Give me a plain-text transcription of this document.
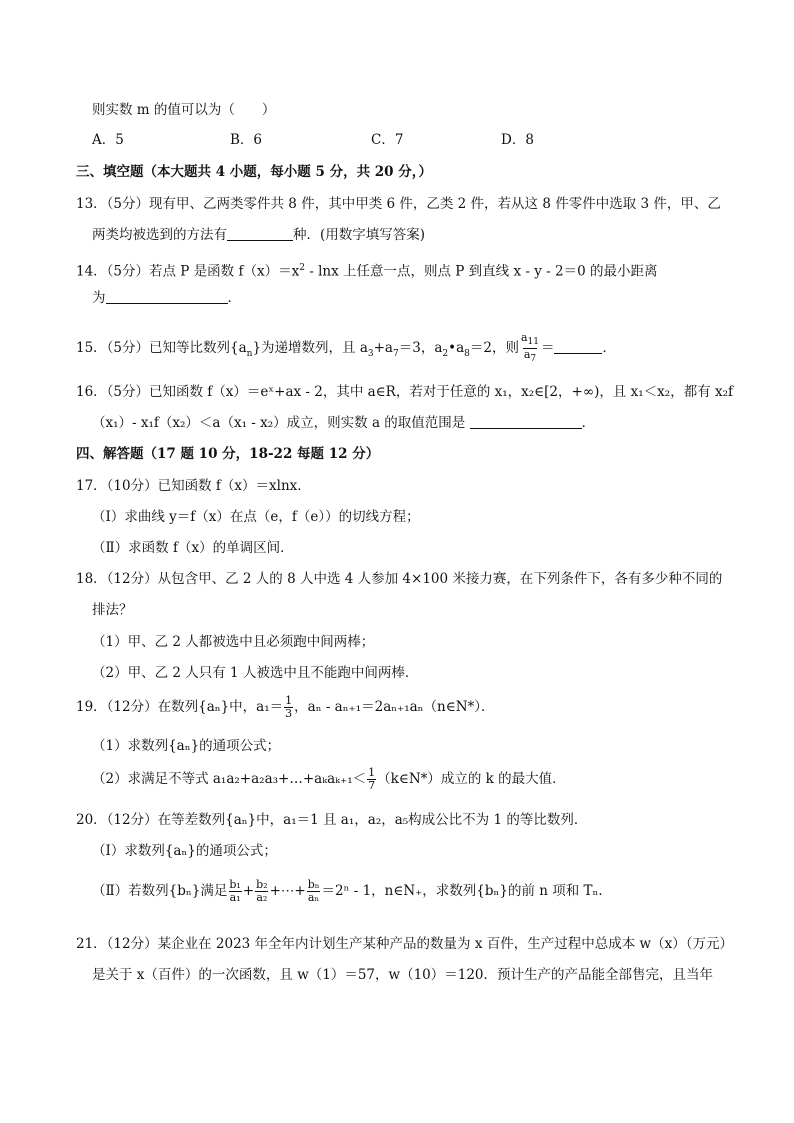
则实数 m 的值可以为（　　）
A．5	B．6	C．7	D．8
三、填空题（本大题共 4 小题，每小题 5 分，共 20 分，）
13．（5分）现有甲、乙两类零件共 8 件，其中甲类 6 件，乙类 2 件，若从这 8 件零件中选取 3 件，甲、乙
两类均被选到的方法有	种．(用数字填写答案)
14．（5分）若点 P 是函数 $f(x)=x^2 - \ln x$ 上任意一点，则点 P 到直线 x - y - 2＝0 的最小距离
为	．
15．（5分）已知等比数列$\{a_n\}$为递增数列，且 $a_3+a_7=3$，$a_2•a_8=2$，则 $\frac{a_{11}}{a_7}$ ＝	．
16．（5分）已知函数 f（x）＝eˣ+ax - 2，其中 a∈R，若对于任意的 x₁，x₂∈[2，+∞)，且 x₁＜x₂，都有 x₂f
（x₁）- x₁f（x₂）＜a（x₁ - x₂）成立，则实数 a 的取值范围是	．
四、解答题（17 题 10 分，18-22 每题 12 分）
17．（10分）已知函数 f（x）＝xlnx．
（Ⅰ）求曲线 y＝f（x）在点（e，f（e））的切线方程；
（Ⅱ）求函数 f（x）的单调区间．
18．（12分）从包含甲、乙 2 人的 8 人中选 4 人参加 4×100 米接力赛，在下列条件下，各有多少种不同的
排法？
（1）甲、乙 2 人都被选中且必须跑中间两棒；
（2）甲、乙 2 人只有 1 人被选中且不能跑中间两棒．
19．（12分）在数列{aₙ}中，$a_1= \frac{1}{3}$ ，aₙ - aₙ₊₁＝2aₙ₊₁aₙ（n∈N*）．
（1）求数列{aₙ}的通项公式；
（2）求满足不等式 a₁a₂+a₂a₃+…+aₖaₖ₊₁＜ $\frac{1}{7}$ （k∈N*）成立的 k 的最大值．
20．（12分）在等差数列{aₙ}中，a₁＝1 且 a₁，a₂，a₅构成公比不为 1 的等比数列．
（Ⅰ）求数列{aₙ}的通项公式；
（Ⅱ）若数列{bₙ}满足 $\frac{\text{b₁}}{\text{a₁}} + \frac{\text{b₂}}{\text{a₂}}$ +⋯+ $\frac{\text{bₙ}}{\text{aₙ}} =2^n - 1$，n∈N₊，求数列{bₙ}的前 n 项和 Tₙ．
21．（12分）某企业在 2023 年全年内计划生产某种产品的数量为 x 百件，生产过程中总成本 w（x）（万元）
是关于 x（百件）的一次函数，且 w（1）＝57，w（10）＝120．预计生产的产品能全部售完，且当年
